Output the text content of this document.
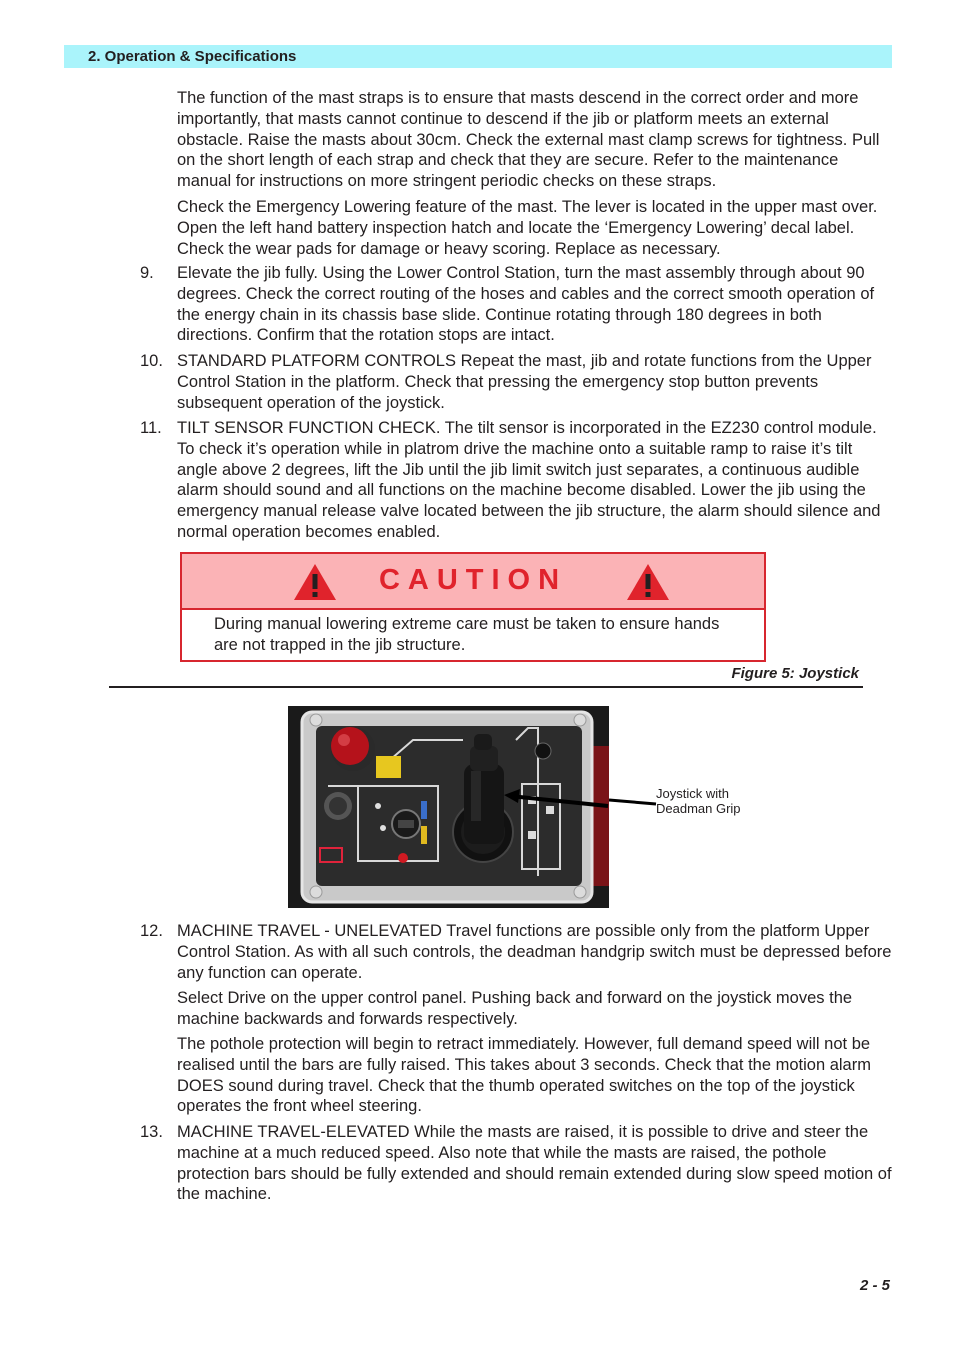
2. Operation & Specifications

The function of the mast straps is to ensure that masts descend in the correct order and more importantly, that masts cannot continue to descend if the jib or platform meets an external obstacle. Raise the masts about 30cm. Check the external mast clamp screws for tightness. Pull on the short length of each strap and check that they are secure. Refer to the maintenance manual for instructions on more stringent periodic checks on these straps.

Check the Emergency Lowering feature of the mast. The lever is located in the upper mast over. Open the left hand battery inspection hatch and locate the ‘Emergency Lowering’ decal label. Check the wear pads for damage or heavy scoring. Replace as necessary.

9. Elevate the jib fully. Using the Lower Control Station, turn the mast assembly through about 90 degrees. Check the correct routing of the hoses and cables and the correct smooth operation of the energy chain in its chassis base slide. Continue rotating through 180 degrees in both directions. Confirm that the rotation stops are intact.

10. STANDARD PLATFORM CONTROLS Repeat the mast, jib and rotate functions from the Upper Control Station in the platform. Check that pressing the emergency stop button prevents subsequent operation of the joystick.

11. TILT SENSOR FUNCTION CHECK. The tilt sensor is incorporated in the EZ230 control module. To check it’s operation while in platrom drive the machine onto a suitable ramp to raise it’s tilt angle above 2 degrees, lift the Jib until the jib limit switch just separates, a continuous audible alarm should sound and all functions on the machine become disabled. Lower the jib using the emergency manual release valve located between the jib structure, the alarm should silence and normal operation becomes enabled.

CAUTION
During manual lowering extreme care must be taken to ensure hands are not trapped in the jib structure.
Figure 5: Joystick
Joystick with
Deadman Grip
12. MACHINE TRAVEL - UNELEVATED Travel functions are possible only from the platform Upper Control Station. As with all such controls, the deadman handgrip switch must be depressed before any function can operate.

Select Drive on the upper control panel. Pushing back and forward on the joystick moves the machine backwards and forwards respectively.

The pothole protection will begin to retract immediately. However, full demand speed will not be realised until the bars are fully raised. This takes about 3 seconds. Check that the motion alarm DOES sound during travel. Check that the thumb operated switches on the top of the joystick operates the front wheel steering.

13. MACHINE TRAVEL-ELEVATED While the masts are raised, it is possible to drive and steer the machine at a much reduced speed. Also note that while the masts are raised, the pothole protection bars should be fully extended and should remain extended during slow speed motion of the machine.

2 - 5
